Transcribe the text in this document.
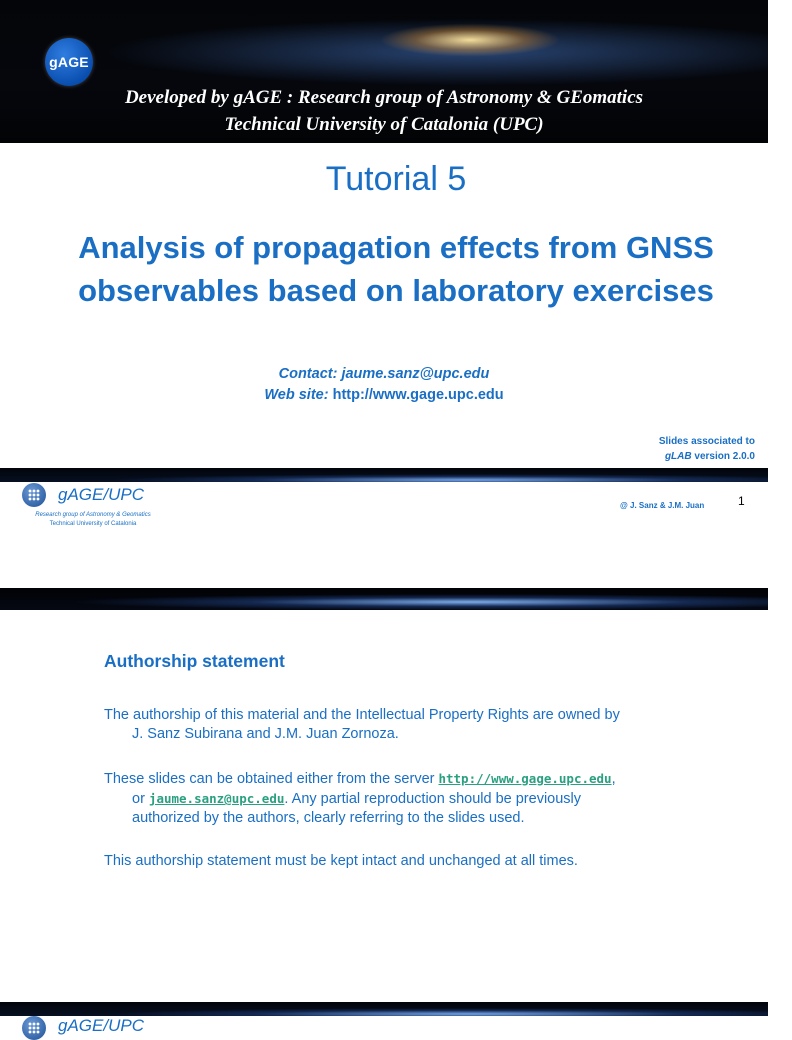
gAGE
Developed by gAGE : Research group of Astronomy & GEomatics
Technical University of Catalonia (UPC)
Tutorial 5
Analysis of propagation effects from GNSS observables based on laboratory exercises
Contact: jaume.sanz@upc.edu
Web site: http://www.gage.upc.edu
Slides associated to
gLAB version 2.0.0
gAGE/UPC
Research group of Astronomy & Geomatics
Technical University of Catalonia
@ J. Sanz & J.M. Juan	1
Authorship statement
The authorship of this material and the Intellectual Property Rights are owned by
J. Sanz Subirana and J.M. Juan Zornoza.
These slides can be obtained either from the server http://www.gage.upc.edu,
or jaume.sanz@upc.edu. Any partial reproduction should be previously
authorized by the authors, clearly referring to the slides used.
This authorship statement must be kept intact and unchanged at all times.
gAGE/UPC
